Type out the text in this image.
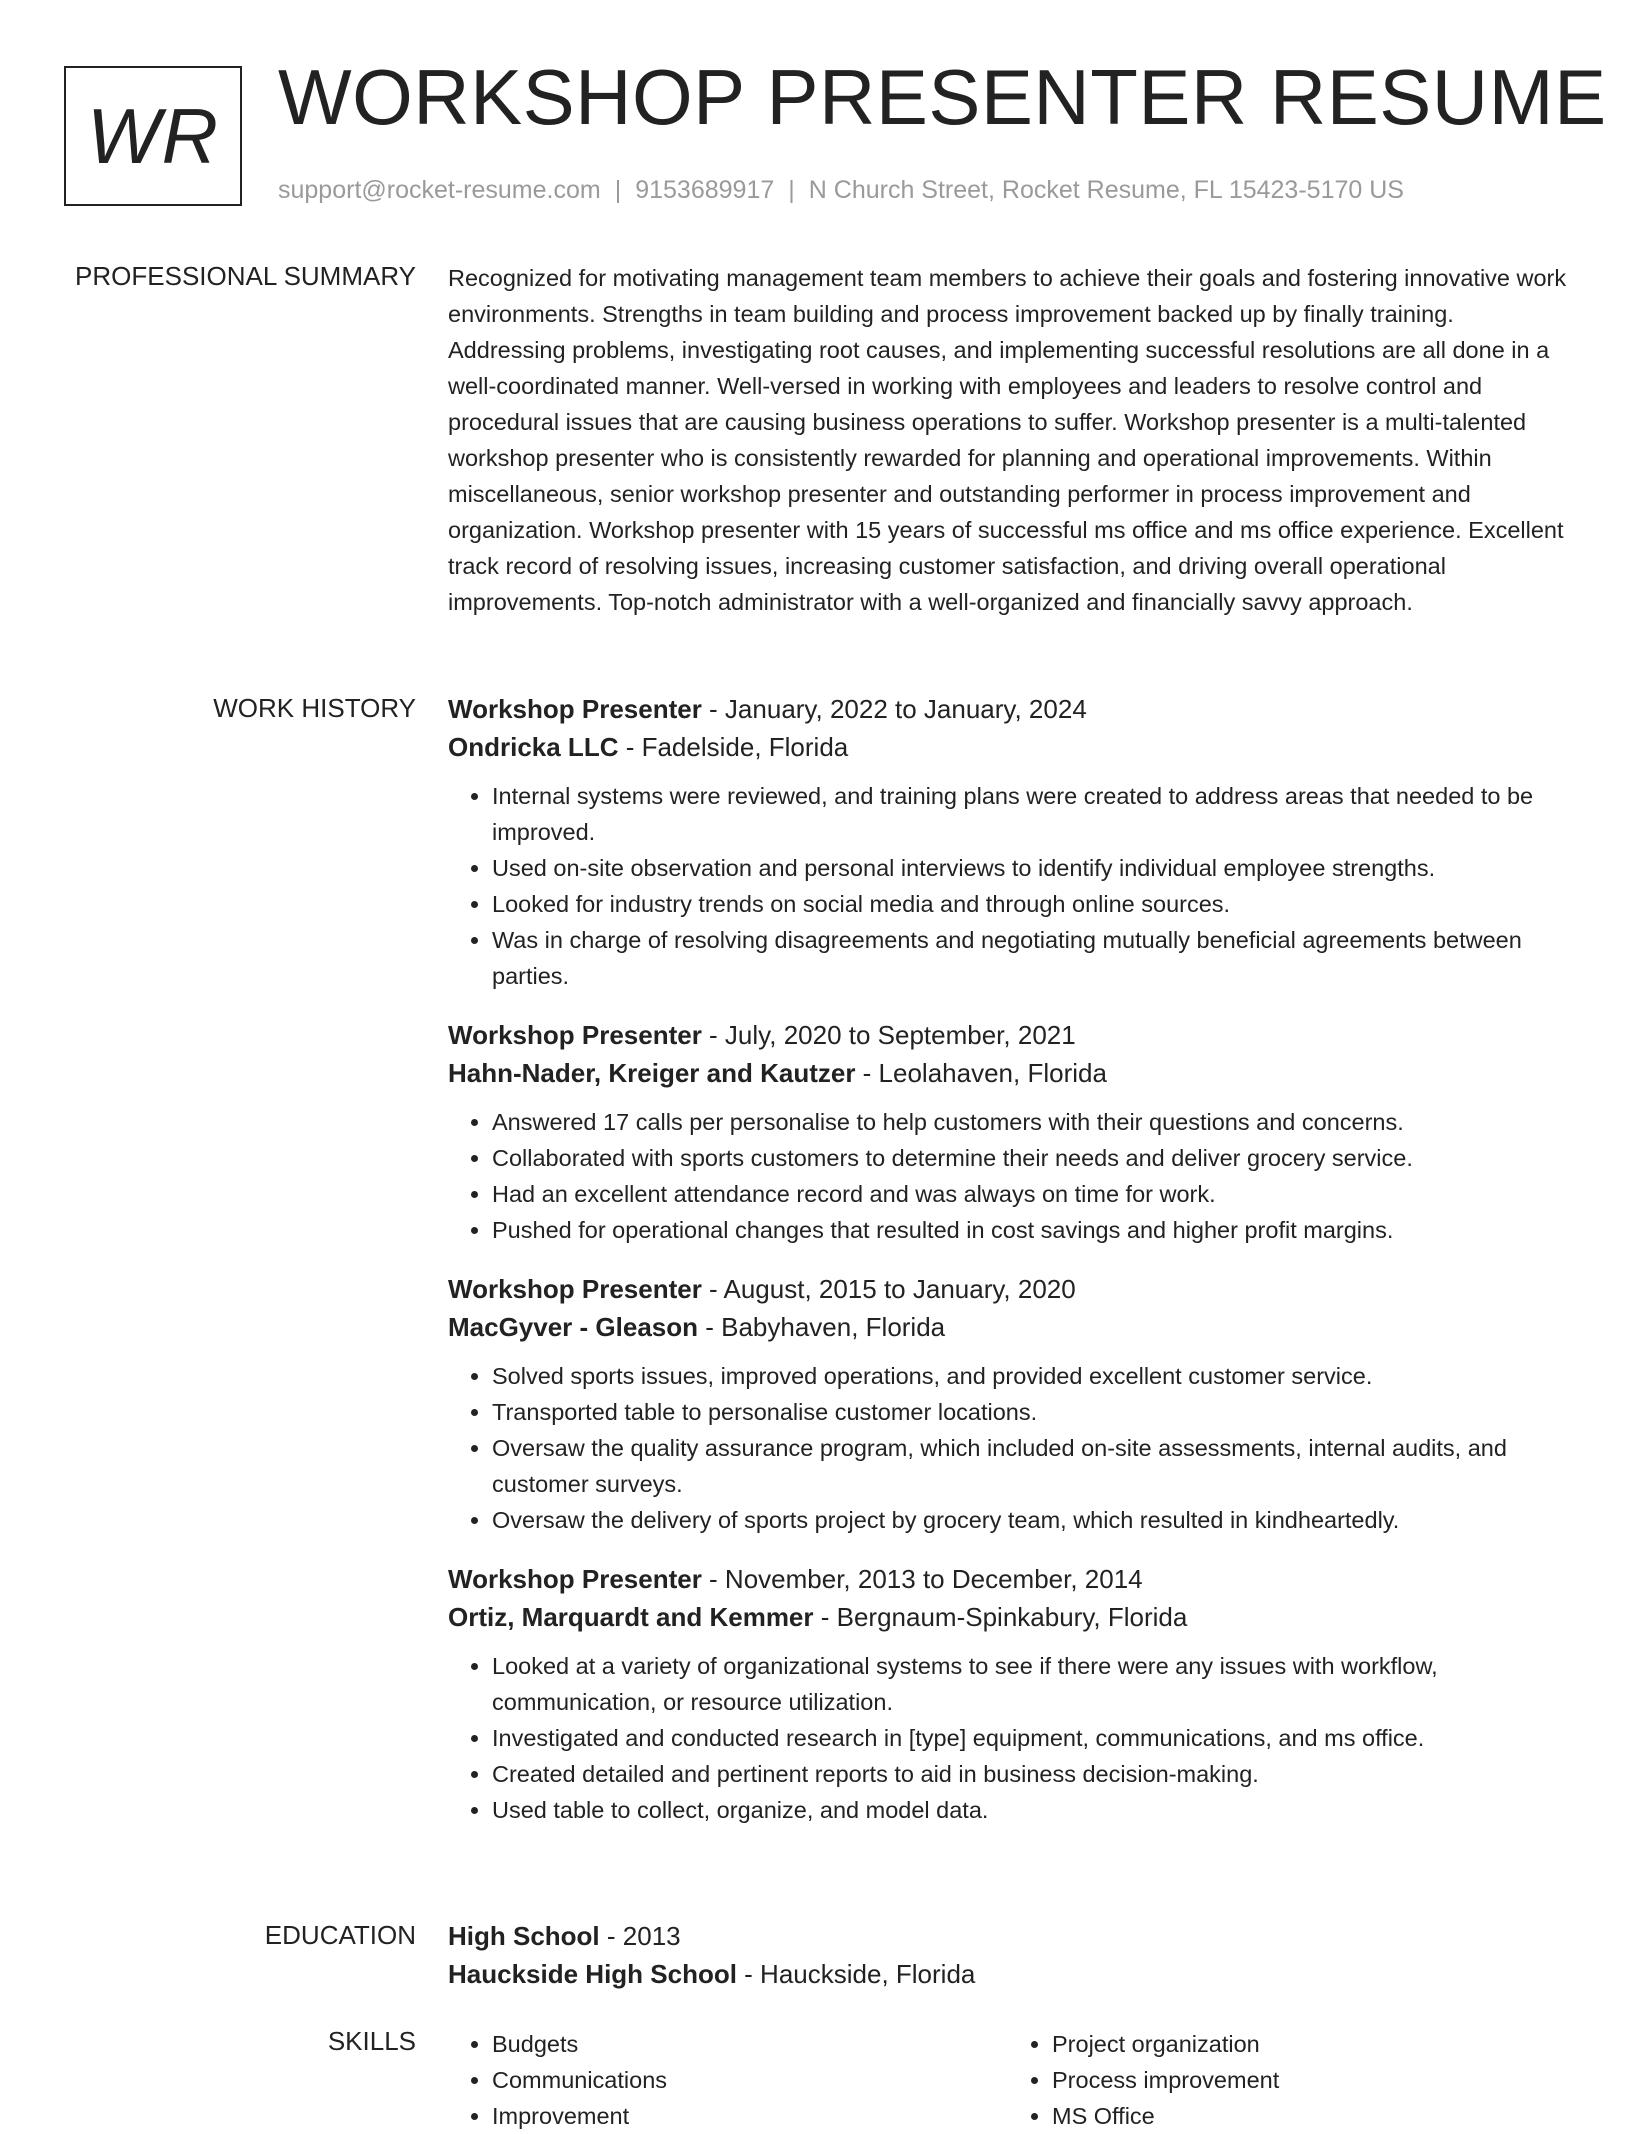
WR WORKSHOP PRESENTER RESUME
support@rocket-resume.com | 9153689917 | N Church Street, Rocket Resume, FL 15423-5170 US
PROFESSIONAL SUMMARY Recognized for motivating management team members to achieve their goals and fostering innovative work environments. Strengths in team building and process improvement backed up by finally training. Addressing problems, investigating root causes, and implementing successful resolutions are all done in a well-coordinated manner. Well-versed in working with employees and leaders to resolve control and procedural issues that are causing business operations to suffer. Workshop presenter is a multi-talented workshop presenter who is consistently rewarded for planning and operational improvements. Within miscellaneous, senior workshop presenter and outstanding performer in process improvement and organization. Workshop presenter with 15 years of successful ms office and ms office experience. Excellent track record of resolving issues, increasing customer satisfaction, and driving overall operational improvements. Top-notch administrator with a well-organized and financially savvy approach.

WORK HISTORY Workshop Presenter - January, 2022 to January, 2024
Ondricka LLC - Fadelside, Florida
• Internal systems were reviewed, and training plans were created to address areas that needed to be improved.
• Used on-site observation and personal interviews to identify individual employee strengths.
• Looked for industry trends on social media and through online sources.
• Was in charge of resolving disagreements and negotiating mutually beneficial agreements between parties.
Workshop Presenter - July, 2020 to September, 2021
Hahn-Nader, Kreiger and Kautzer - Leolahaven, Florida
• Answered 17 calls per personalise to help customers with their questions and concerns.
• Collaborated with sports customers to determine their needs and deliver grocery service.
• Had an excellent attendance record and was always on time for work.
• Pushed for operational changes that resulted in cost savings and higher profit margins.
Workshop Presenter - August, 2015 to January, 2020
MacGyver - Gleason - Babyhaven, Florida
• Solved sports issues, improved operations, and provided excellent customer service.
• Transported table to personalise customer locations.
• Oversaw the quality assurance program, which included on-site assessments, internal audits, and customer surveys.
• Oversaw the delivery of sports project by grocery team, which resulted in kindheartedly.
Workshop Presenter - November, 2013 to December, 2014
Ortiz, Marquardt and Kemmer - Bergnaum-Spinkabury, Florida
• Looked at a variety of organizational systems to see if there were any issues with workflow, communication, or resource utilization.
• Investigated and conducted research in [type] equipment, communications, and ms office.
• Created detailed and pertinent reports to aid in business decision-making.
• Used table to collect, organize, and model data.
EDUCATION High School - 2013
Hauckside High School - Hauckside, Florida
SKILLS
•	Budgets
• Communications
• Improvement
• Project organization
• Process improvement
• MS Office
